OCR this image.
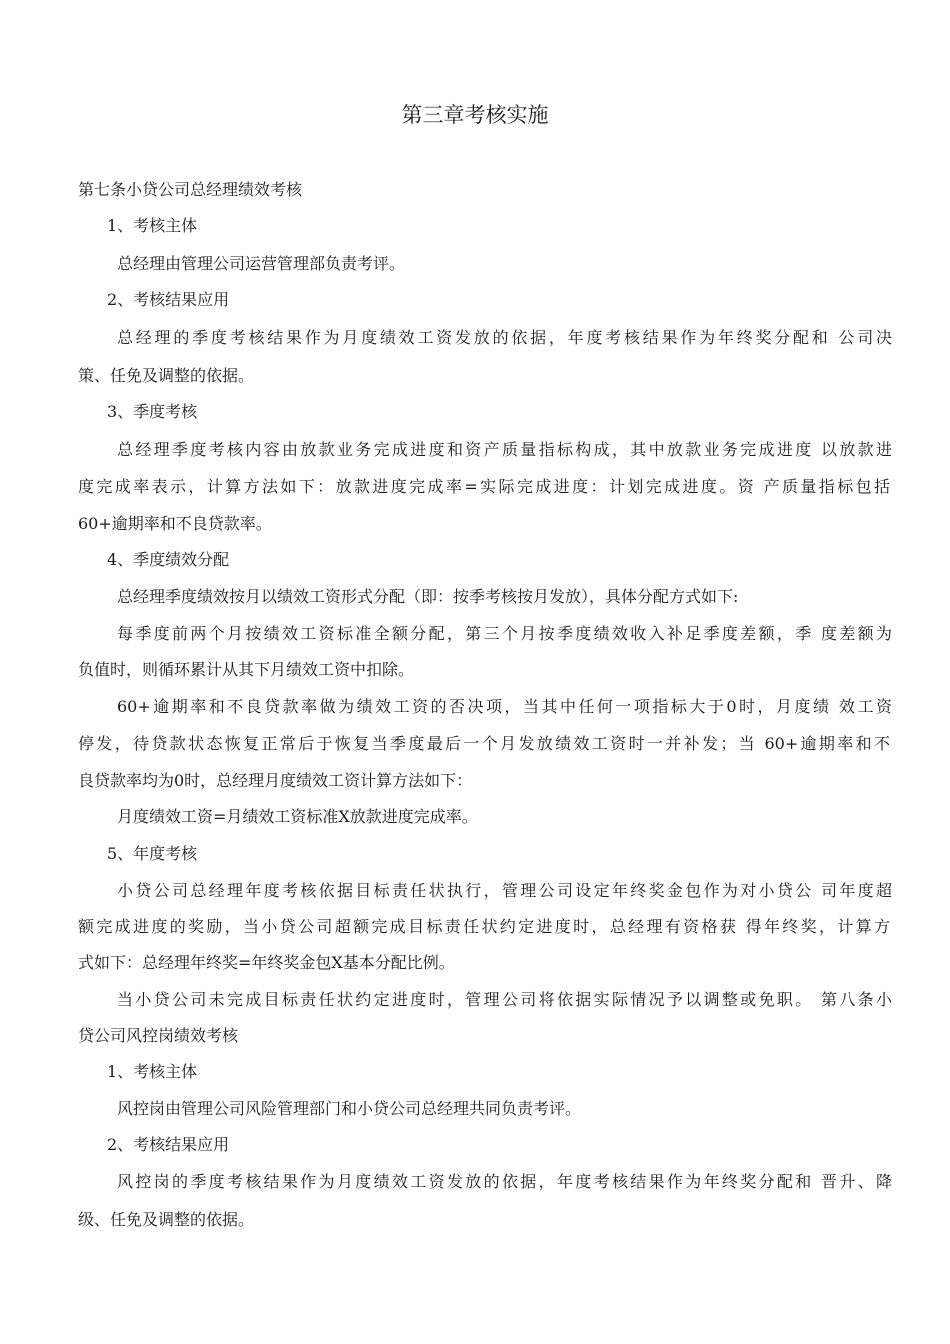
第三章考核实施
第七条小贷公司总经理绩效考核
1、考核主体
总经理由管理公司运营管理部负责考评。
2、考核结果应用
总经理的季度考核结果作为月度绩效工资发放的依据，年度考核结果作为年终奖分配和 公司决
策、任免及调整的依据。
3、季度考核
总经理季度考核内容由放款业务完成进度和资产质量指标构成，其中放款业务完成进度 以放款进
度完成率表示，计算方法如下：放款进度完成率=实际完成进度：计划完成进度。资 产质量指标包括
60+逾期率和不良贷款率。
4、季度绩效分配
总经理季度绩效按月以绩效工资形式分配（即：按季考核按月发放），具体分配方式如下:
每季度前两个月按绩效工资标准全额分配，第三个月按季度绩效收入补足季度差额，季 度差额为
负值时，则循环累计从其下月绩效工资中扣除。
60+逾期率和不良贷款率做为绩效工资的否决项，当其中任何一项指标大于0时，月度绩 效工资
停发，待贷款状态恢复正常后于恢复当季度最后一个月发放绩效工资时一并补发；当 60+逾期率和不
良贷款率均为0时，总经理月度绩效工资计算方法如下：
月度绩效工资=月绩效工资标准X放款进度完成率。
5、年度考核
小贷公司总经理年度考核依据目标责任状执行，管理公司设定年终奖金包作为对小贷公 司年度超
额完成进度的奖励，当小贷公司超额完成目标责任状约定进度时，总经理有资格获 得年终奖，计算方
式如下：总经理年终奖=年终奖金包X基本分配比例。
当小贷公司未完成目标责任状约定进度时，管理公司将依据实际情况予以调整或免职。 第八条小
贷公司风控岗绩效考核
1、考核主体
风控岗由管理公司风险管理部门和小贷公司总经理共同负责考评。
2、考核结果应用
风控岗的季度考核结果作为月度绩效工资发放的依据，年度考核结果作为年终奖分配和 晋升、降
级、任免及调整的依据。
